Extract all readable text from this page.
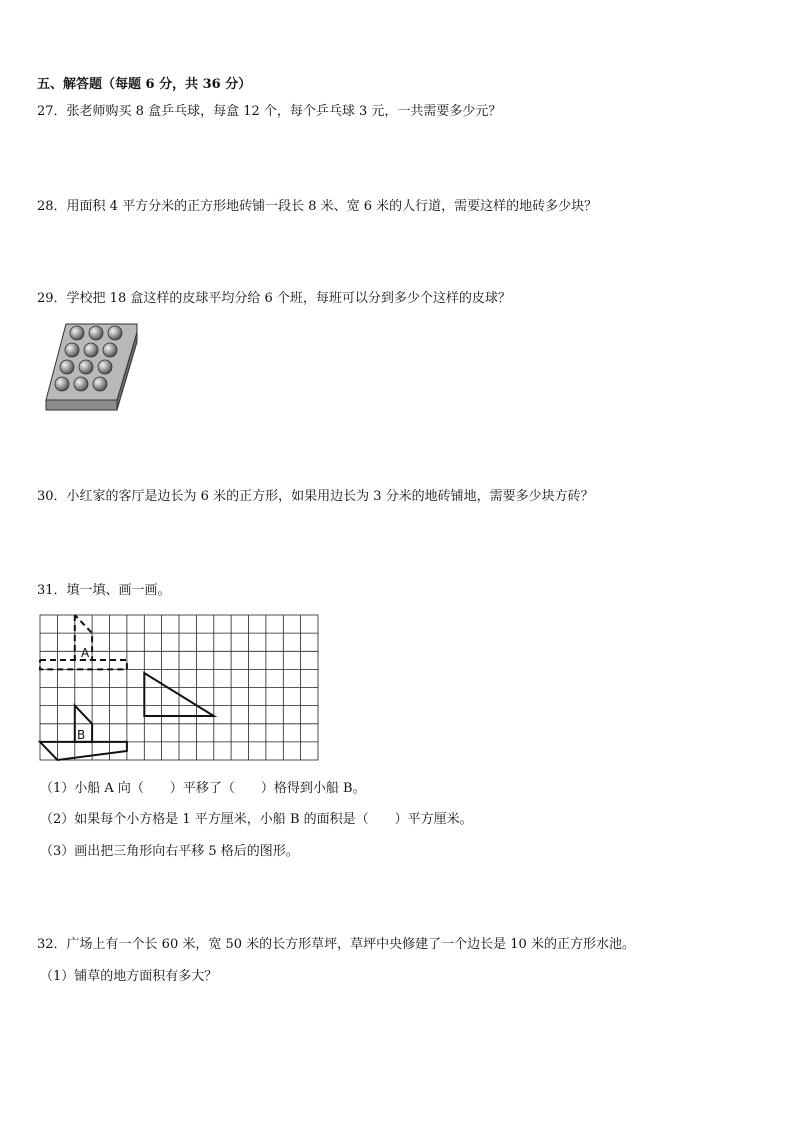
五、解答题（每题 6 分，共 36 分）
27．张老师购买 8 盒乒乓球，每盒 12 个，每个乒乓球 3 元，一共需要多少元？
28．用面积 4 平方分米的正方形地砖铺一段长 8 米、宽 6 米的人行道，需要这样的地砖多少块？
29．学校把 18 盒这样的皮球平均分给 6 个班，每班可以分到多少个这样的皮球？
30．小红家的客厅是边长为 6 米的正方形，如果用边长为 3 分米的地砖铺地，需要多少块方砖？
31．填一填、画一画。
A
B
（1）小船 A 向（　　）平移了（　　）格得到小船 B。
（2）如果每个小方格是 1 平方厘米，小船 B 的面积是（　　）平方厘米。
（3）画出把三角形向右平移 5 格后的图形。
32．广场上有一个长 60 米，宽 50 米的长方形草坪，草坪中央修建了一个边长是 10 米的正方形水池。
（1）铺草的地方面积有多大？
